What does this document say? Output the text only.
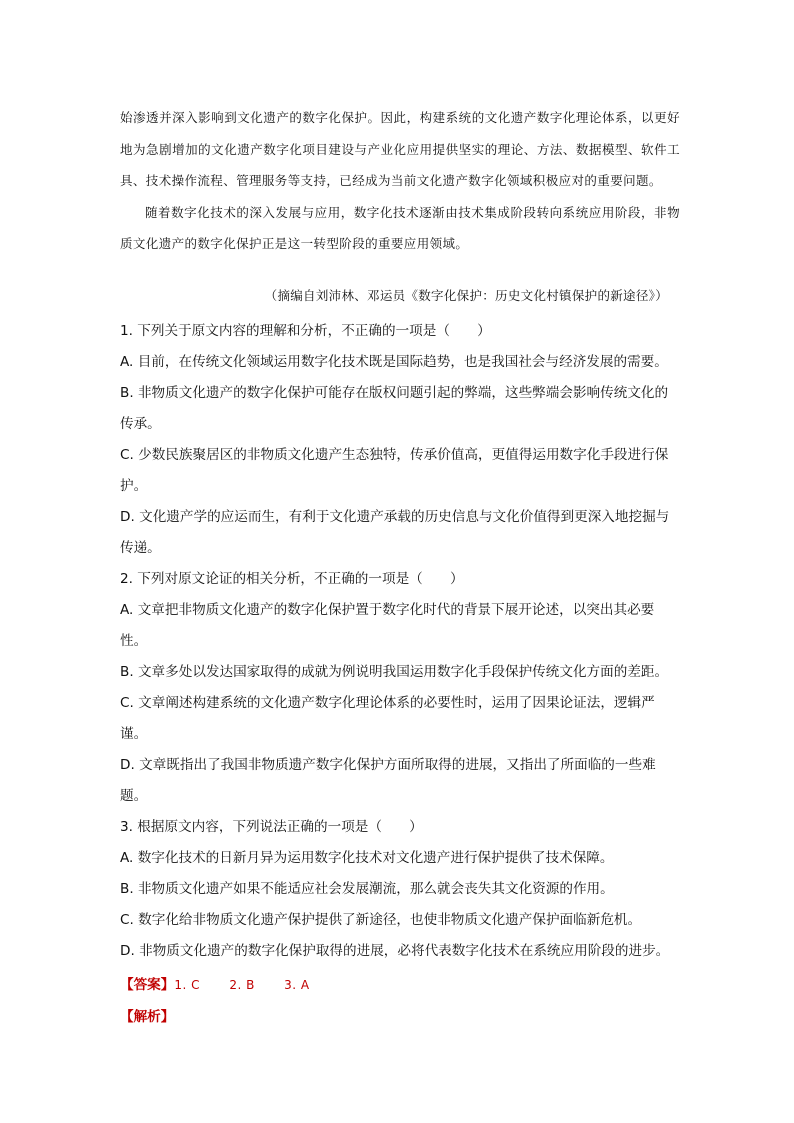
始渗透并深入影响到文化遗产的数字化保护。因此，构建系统的文化遗产数字化理论体系，以更好地为急剧增加的文化遗产数字化项目建设与产业化应用提供坚实的理论、方法、数据模型、软件工具、技术操作流程、管理服务等支持，已经成为当前文化遗产数字化领域积极应对的重要问题。

随着数字化技术的深入发展与应用，数字化技术逐渐由技术集成阶段转向系统应用阶段，非物质文化遗产的数字化保护正是这一转型阶段的重要应用领域。

（摘编自刘沛林、邓运员《数字化保护：历史文化村镇保护的新途径》）

1. 下列关于原文内容的理解和分析，不正确的一项是（　　）

A. 目前，在传统文化领域运用数字化技术既是国际趋势，也是我国社会与经济发展的需要。

B. 非物质文化遗产的数字化保护可能存在版权问题引起的弊端，这些弊端会影响传统文化的传承。

C. 少数民族聚居区的非物质文化遗产生态独特，传承价值高，更值得运用数字化手段进行保护。

D. 文化遗产学的应运而生，有利于文化遗产承载的历史信息与文化价值得到更深入地挖掘与传递。

2. 下列对原文论证的相关分析，不正确的一项是（　　）

A. 文章把非物质文化遗产的数字化保护置于数字化时代的背景下展开论述，以突出其必要性。

B. 文章多处以发达国家取得的成就为例说明我国运用数字化手段保护传统文化方面的差距。

C. 文章阐述构建系统的文化遗产数字化理论体系的必要性时，运用了因果论证法，逻辑严谨。

D. 文章既指出了我国非物质遗产数字化保护方面所取得的进展，又指出了所面临的一些难题。

3. 根据原文内容，下列说法正确的一项是（　　）

A. 数字化技术的日新月异为运用数字化技术对文化遗产进行保护提供了技术保障。

B. 非物质文化遗产如果不能适应社会发展潮流，那么就会丧失其文化资源的作用。

C. 数字化给非物质文化遗产保护提供了新途径，也使非物质文化遗产保护面临新危机。

D. 非物质文化遗产的数字化保护取得的进展，必将代表数字化技术在系统应用阶段的进步。

【答案】1. C　　 2. B　　 3. A
【解析】
